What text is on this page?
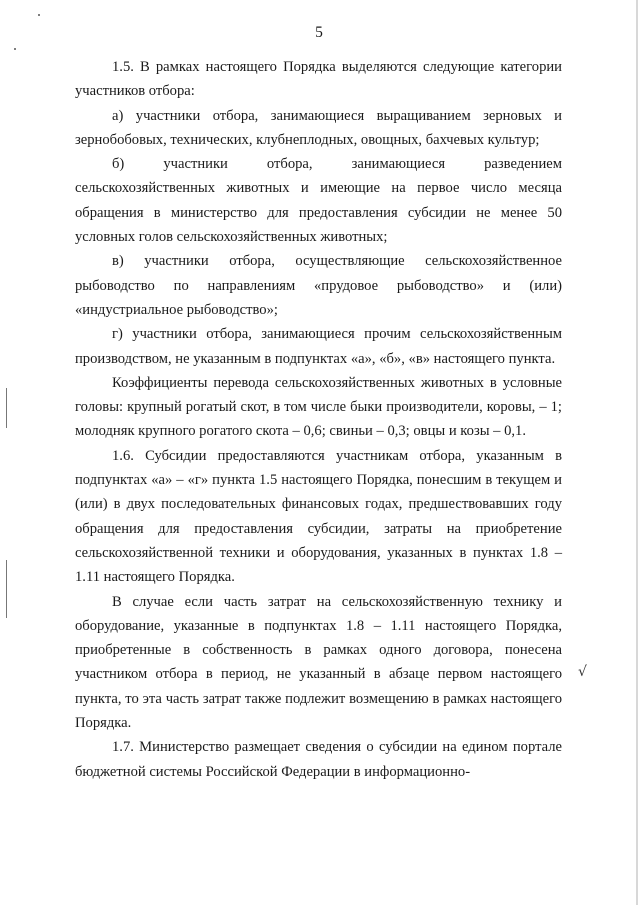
5

1.5. В рамках настоящего Порядка выделяются следующие категории участников отбора:

а) участники отбора, занимающиеся выращиванием зерновых и зернобобовых, технических, клубнеплодных, овощных, бахчевых культур;

б) участники отбора, занимающиеся разведением сельскохозяйственных животных и имеющие на первое число месяца обращения в министерство для предоставления субсидии не менее 50 условных голов сельскохозяйственных животных;

в) участники отбора, осуществляющие сельскохозяйственное рыбоводство по направлениям «прудовое рыбоводство» и (или) «индустриальное рыбоводство»;

г) участники отбора, занимающиеся прочим сельскохозяйственным производством, не указанным в подпунктах «а», «б», «в» настоящего пункта.

Коэффициенты перевода сельскохозяйственных животных в условные головы: крупный рогатый скот, в том числе быки производители, коровы, – 1; молодняк крупного рогатого скота – 0,6; свиньи – 0,3; овцы и козы – 0,1.

1.6. Субсидии предоставляются участникам отбора, указанным в подпунктах «а» – «г» пункта 1.5 настоящего Порядка, понесшим в текущем и (или) в двух последовательных финансовых годах, предшествовавших году обращения для предоставления субсидии, затраты на приобретение сельскохозяйственной техники и оборудования, указанных в пунктах 1.8 – 1.11 настоящего Порядка.

В случае если часть затрат на сельскохозяйственную технику и оборудование, указанные в подпунктах 1.8 – 1.11 настоящего Порядка, приобретенные в собственность в рамках одного договора, понесена участником отбора в период, не указанный в абзаце первом настоящего пункта, то эта часть затрат также подлежит возмещению в рамках настоящего Порядка.

1.7. Министерство размещает сведения о субсидии на едином портале бюджетной системы Российской Федерации в информационно-

√
